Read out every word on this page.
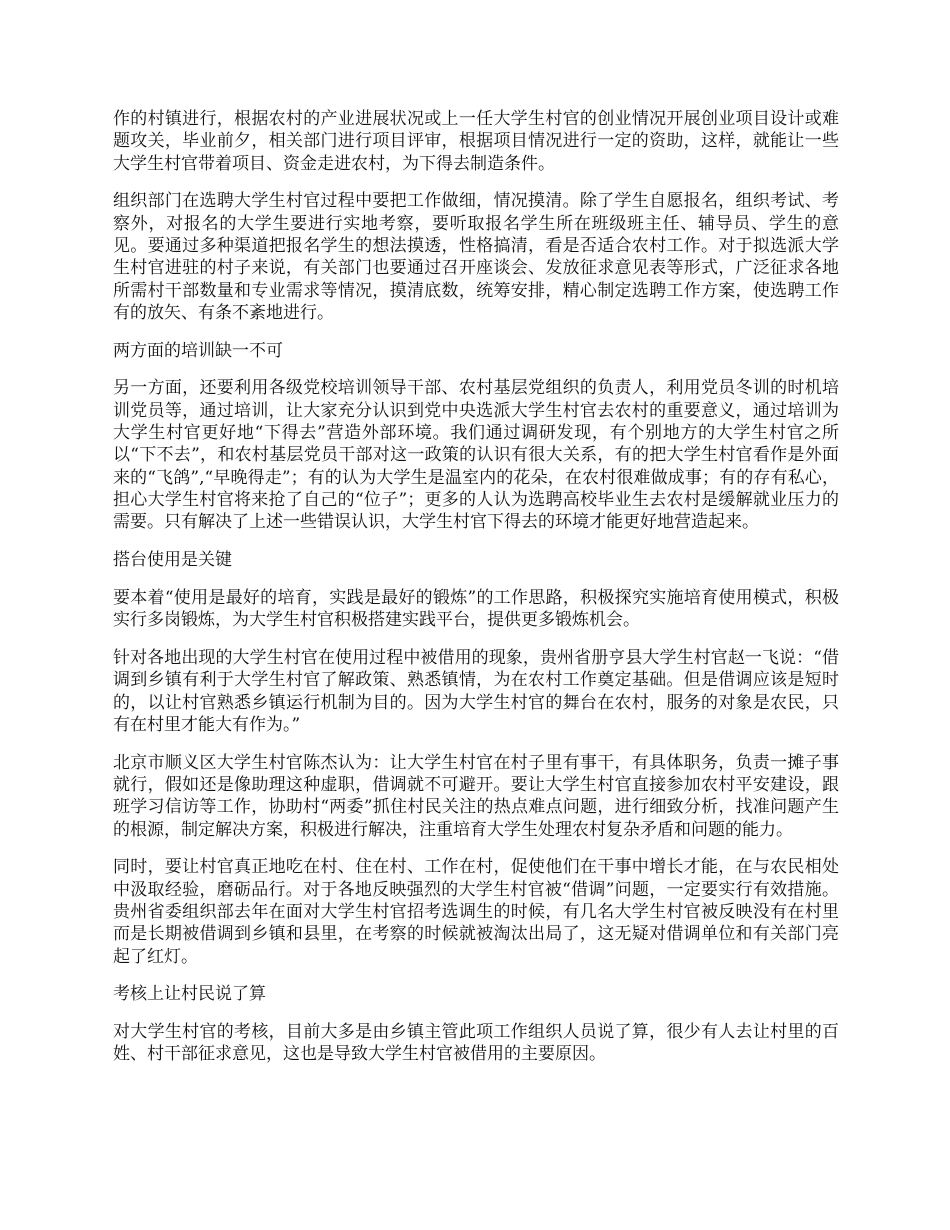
作的村镇进行，根据农村的产业进展状况或上一任大学生村官的创业情况开展创业项目设计或难题攻关，毕业前夕，相关部门进行项目评审，根据项目情况进行一定的资助，这样，就能让一些大学生村官带着项目、资金走进农村，为下得去制造条件。

组织部门在选聘大学生村官过程中要把工作做细，情况摸清。除了学生自愿报名，组织考试、考察外，对报名的大学生要进行实地考察，要听取报名学生所在班级班主任、辅导员、学生的意见。要通过多种渠道把报名学生的想法摸透，性格搞清，看是否适合农村工作。对于拟选派大学生村官进驻的村子来说，有关部门也要通过召开座谈会、发放征求意见表等形式，广泛征求各地所需村干部数量和专业需求等情况，摸清底数，统筹安排，精心制定选聘工作方案，使选聘工作有的放矢、有条不紊地进行。

两方面的培训缺一不可

另一方面，还要利用各级党校培训领导干部、农村基层党组织的负责人，利用党员冬训的时机培训党员等，通过培训，让大家充分认识到党中央选派大学生村官去农村的重要意义，通过培训为大学生村官更好地“下得去”营造外部环境。我们通过调研发现，有个别地方的大学生村官之所以“下不去”，和农村基层党员干部对这一政策的认识有很大关系，有的把大学生村官看作是外面来的“飞鸽”,“早晚得走”；有的认为大学生是温室内的花朵，在农村很难做成事；有的存有私心，担心大学生村官将来抢了自己的“位子”；更多的人认为选聘高校毕业生去农村是缓解就业压力的需要。只有解决了上述一些错误认识，大学生村官下得去的环境才能更好地营造起来。

搭台使用是关键

要本着“使用是最好的培育，实践是最好的锻炼”的工作思路，积极探究实施培育使用模式，积极实行多岗锻炼，为大学生村官积极搭建实践平台，提供更多锻炼机会。

针对各地出现的大学生村官在使用过程中被借用的现象，贵州省册亨县大学生村官赵一飞说：“借调到乡镇有利于大学生村官了解政策、熟悉镇情，为在农村工作奠定基础。但是借调应该是短时的，以让村官熟悉乡镇运行机制为目的。因为大学生村官的舞台在农村，服务的对象是农民，只有在村里才能大有作为。”

北京市顺义区大学生村官陈杰认为：让大学生村官在村子里有事干，有具体职务，负责一摊子事就行，假如还是像助理这种虚职，借调就不可避开。要让大学生村官直接参加农村平安建设，跟班学习信访等工作，协助村“两委”抓住村民关注的热点难点问题，进行细致分析，找准问题产生的根源，制定解决方案，积极进行解决，注重培育大学生处理农村复杂矛盾和问题的能力。

同时，要让村官真正地吃在村、住在村、工作在村，促使他们在干事中增长才能，在与农民相处中汲取经验，磨砺品行。对于各地反映强烈的大学生村官被“借调”问题，一定要实行有效措施。贵州省委组织部去年在面对大学生村官招考选调生的时候，有几名大学生村官被反映没有在村里而是长期被借调到乡镇和县里，在考察的时候就被淘汰出局了，这无疑对借调单位和有关部门亮起了红灯。

考核上让村民说了算

对大学生村官的考核，目前大多是由乡镇主管此项工作组织人员说了算，很少有人去让村里的百姓、村干部征求意见，这也是导致大学生村官被借用的主要原因。
